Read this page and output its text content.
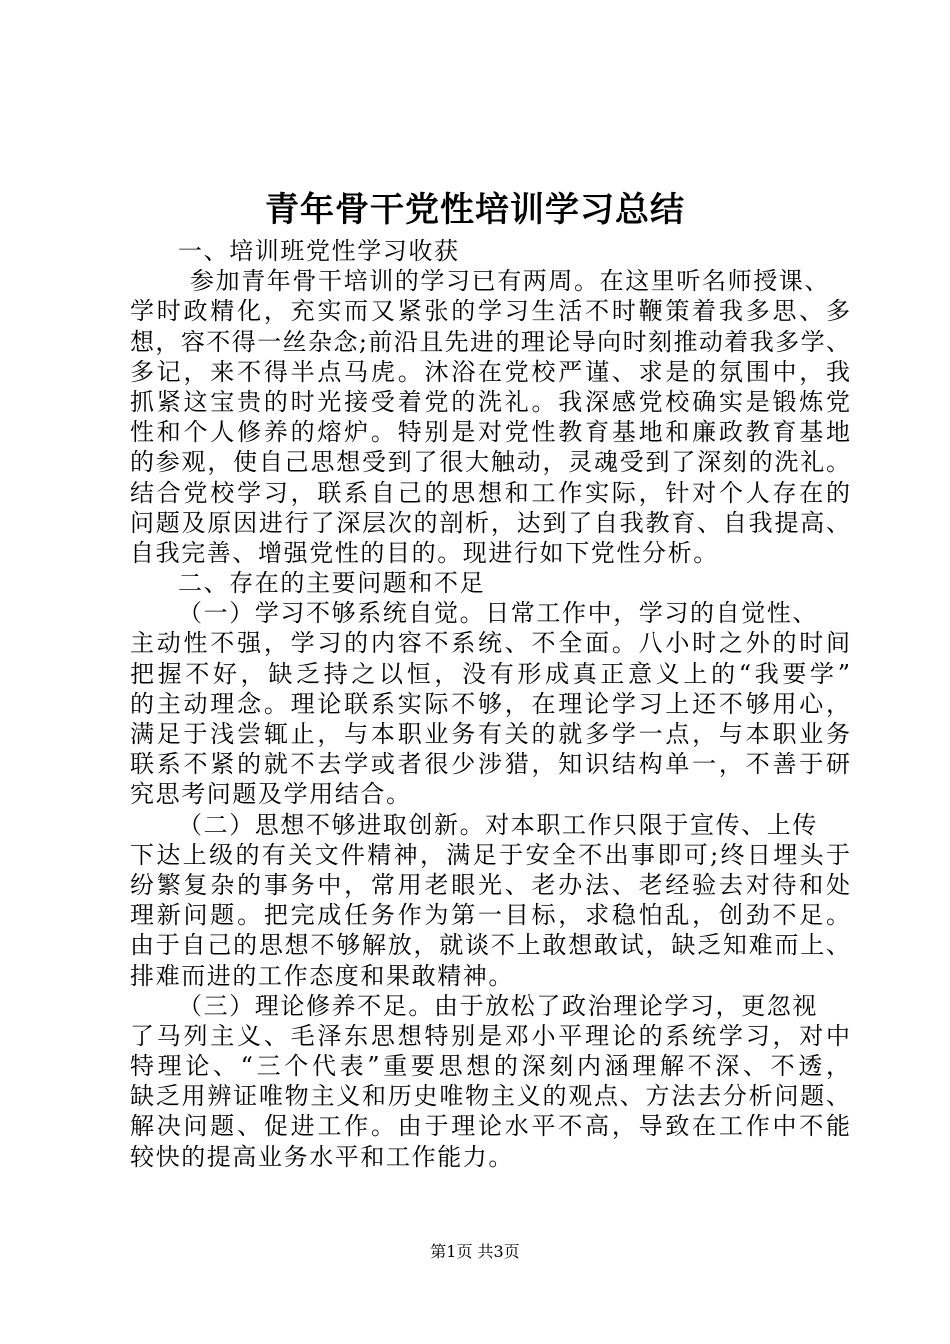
青年骨干党性培训学习总结
一、培训班党性学习收获
参加青年骨干培训的学习已有两周。在这里听名师授课、
学时政精化，充实而又紧张的学习生活不时鞭策着我多思、多
想，容不得一丝杂念;前沿且先进的理论导向时刻推动着我多学、
多记，来不得半点马虎。沐浴在党校严谨、求是的氛围中，我
抓紧这宝贵的时光接受着党的洗礼。我深感党校确实是锻炼党
性和个人修养的熔炉。特别是对党性教育基地和廉政教育基地
的参观，使自己思想受到了很大触动，灵魂受到了深刻的洗礼。
结合党校学习，联系自己的思想和工作实际，针对个人存在的
问题及原因进行了深层次的剖析，达到了自我教育、自我提高、
自我完善、增强党性的目的。现进行如下党性分析。
二、存在的主要问题和不足
（一）学习不够系统自觉。日常工作中，学习的自觉性、
主动性不强，学习的内容不系统、不全面。八小时之外的时间
把握不好，缺乏持之以恒，没有形成真正意义上的“我要学”
的主动理念。理论联系实际不够，在理论学习上还不够用心，
满足于浅尝辄止，与本职业务有关的就多学一点，与本职业务
联系不紧的就不去学或者很少涉猎，知识结构单一，不善于研
究思考问题及学用结合。
（二）思想不够进取创新。对本职工作只限于宣传、上传
下达上级的有关文件精神，满足于安全不出事即可;终日埋头于
纷繁复杂的事务中，常用老眼光、老办法、老经验去对待和处
理新问题。把完成任务作为第一目标，求稳怕乱，创劲不足。
由于自己的思想不够解放，就谈不上敢想敢试，缺乏知难而上、
排难而进的工作态度和果敢精神。
（三）理论修养不足。由于放松了政治理论学习，更忽视
了马列主义、毛泽东思想特别是邓小平理论的系统学习，对中
特理论、“三个代表”重要思想的深刻内涵理解不深、不透，
缺乏用辨证唯物主义和历史唯物主义的观点、方法去分析问题、
解决问题、促进工作。由于理论水平不高，导致在工作中不能
较快的提高业务水平和工作能力。
第1页 共3页
